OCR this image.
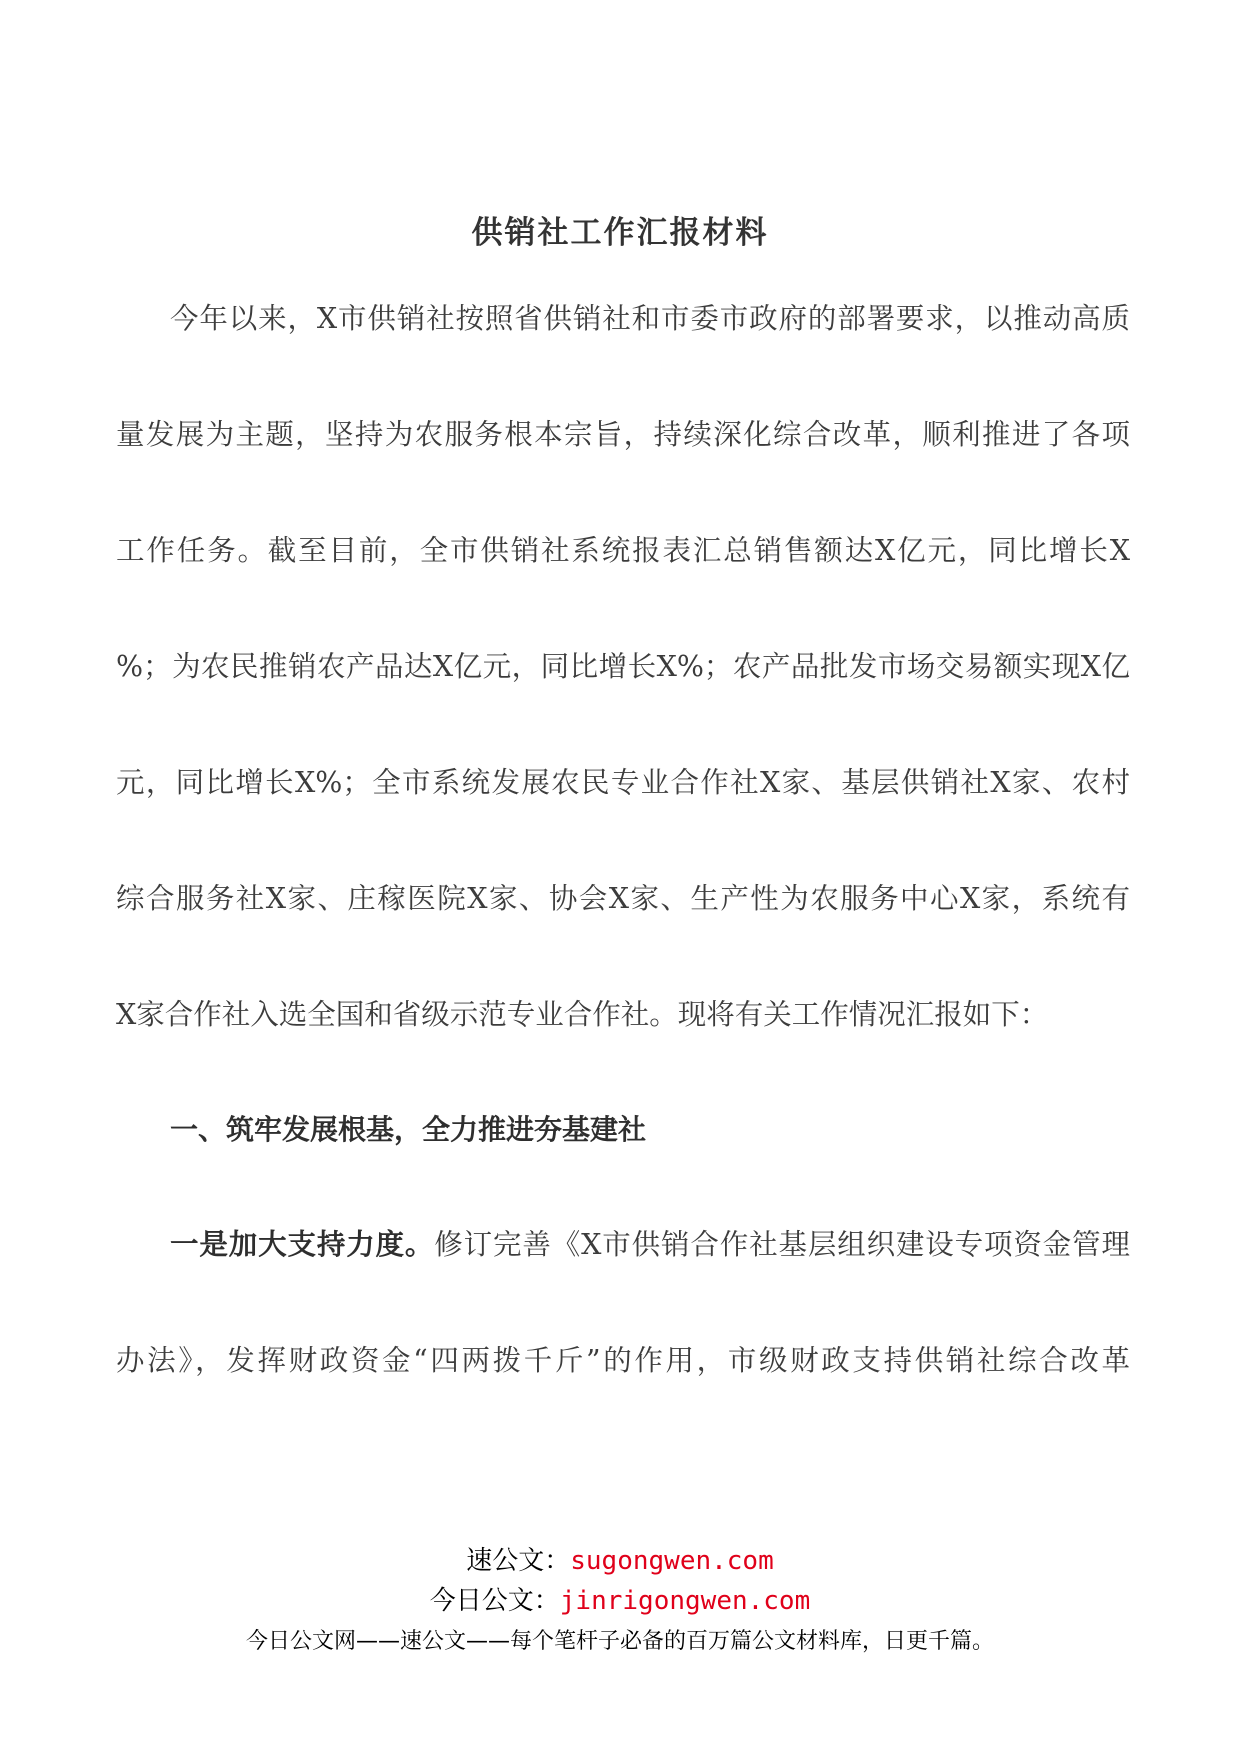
供销社工作汇报材料
今年以来，X市供销社按照省供销社和市委市政府的部署要求，以推动高质
量发展为主题，坚持为农服务根本宗旨，持续深化综合改革，顺利推进了各项
工作任务。截至目前，全市供销社系统报表汇总销售额达X亿元，同比增长X
%；为农民推销农产品达X亿元，同比增长X%；农产品批发市场交易额实现X亿
元，同比增长X%；全市系统发展农民专业合作社X家、基层供销社X家、农村
综合服务社X家、庄稼医院X家、协会X家、生产性为农服务中心X家，系统有
X家合作社入选全国和省级示范专业合作社。现将有关工作情况汇报如下：
一、筑牢发展根基，全力推进夯基建社
一是加大支持力度。修订完善《X市供销合作社基层组织建设专项资金管理
办法》，发挥财政资金“四两拨千斤”的作用，市级财政支持供销社综合改革
速公文：sugongwen.com
今日公文：jinrigongwen.com
今日公文网——速公文——每个笔杆子必备的百万篇公文材料库，日更千篇。
